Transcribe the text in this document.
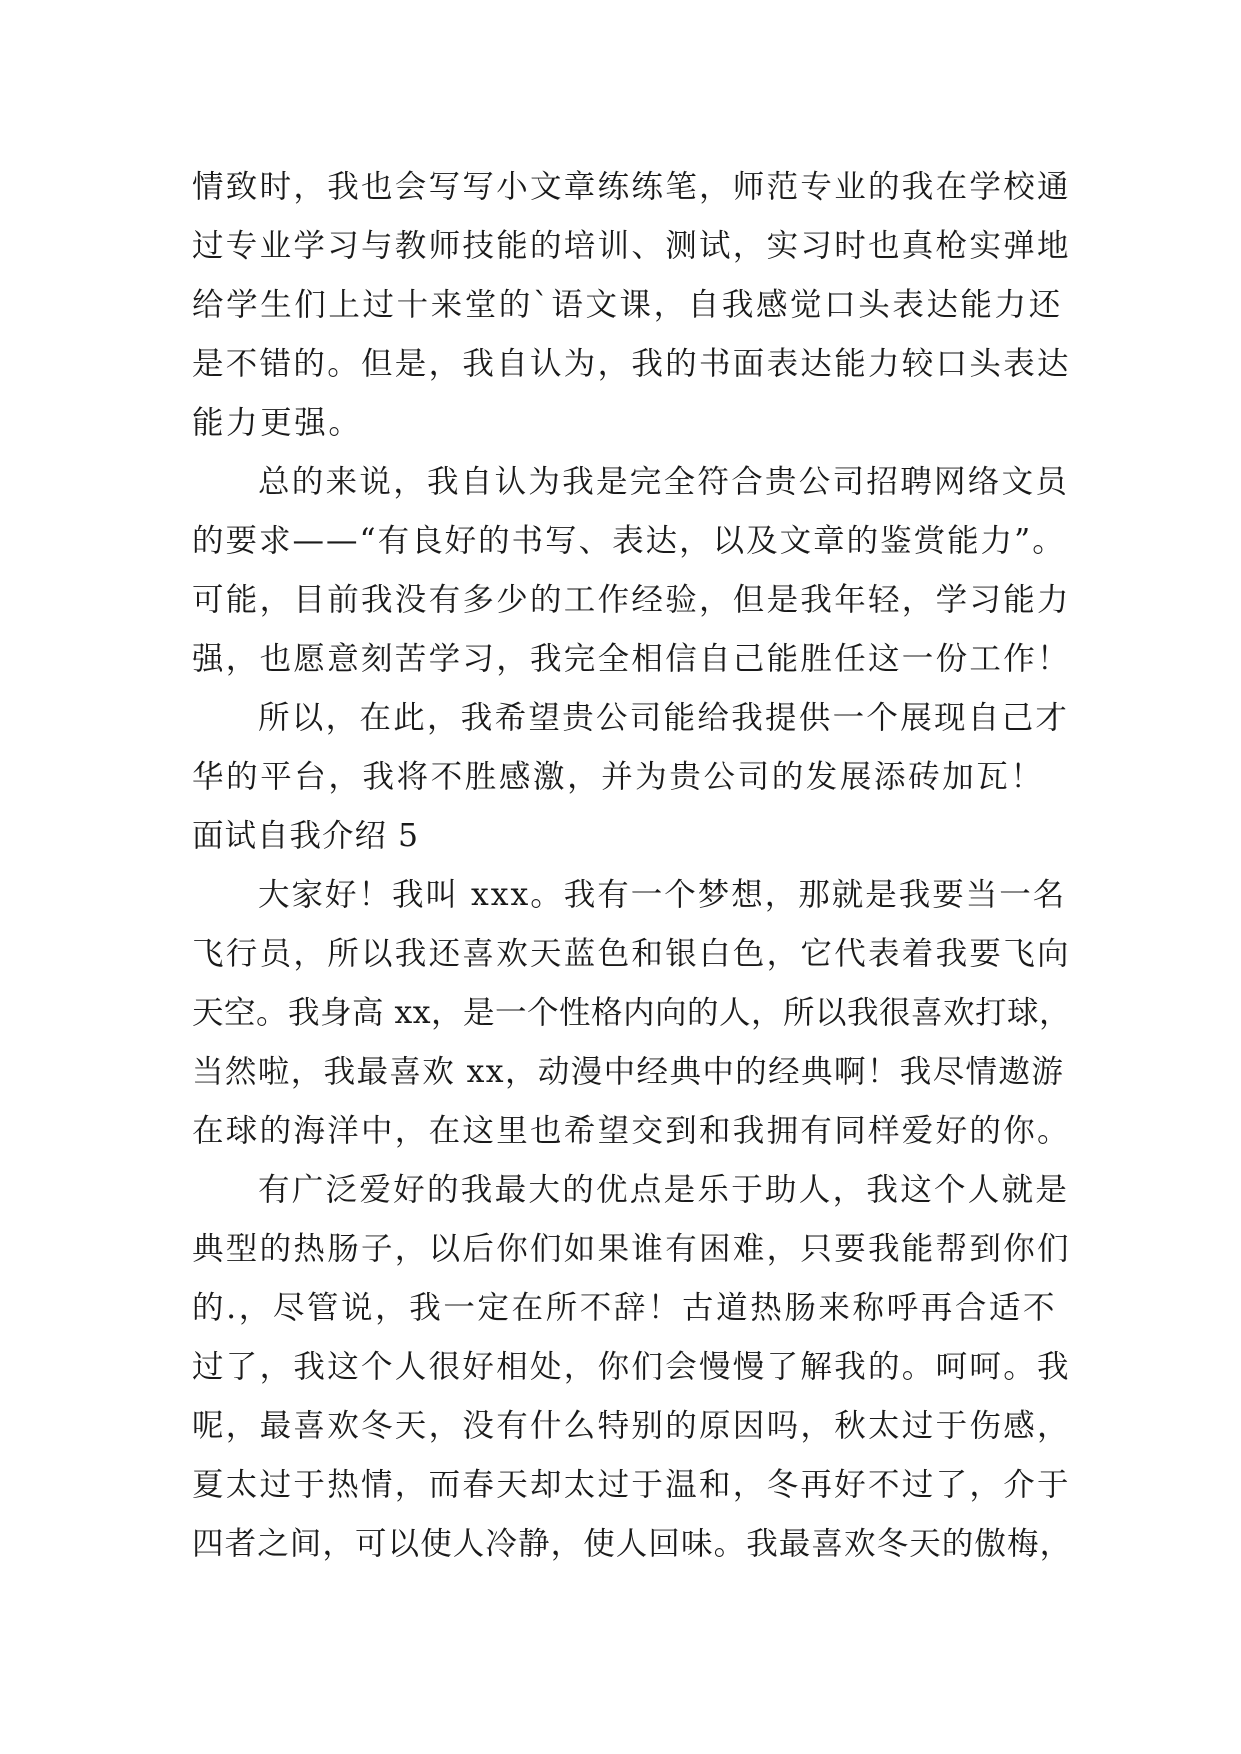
情致时，我也会写写小文章练练笔，师范专业的我在学校通
过专业学习与教师技能的培训、测试，实习时也真枪实弹地
给学生们上过十来堂的`语文课，自我感觉口头表达能力还
是不错的。但是，我自认为，我的书面表达能力较口头表达
能力更强。
总的来说，我自认为我是完全符合贵公司招聘网络文员
的要求——“有良好的书写、表达，以及文章的鉴赏能力”。
可能，目前我没有多少的工作经验，但是我年轻，学习能力
强，也愿意刻苦学习，我完全相信自己能胜任这一份工作！
所以，在此，我希望贵公司能给我提供一个展现自己才
华的平台，我将不胜感激，并为贵公司的发展添砖加瓦！
面试自我介绍 5
大家好！我叫 xxx。我有一个梦想，那就是我要当一名
飞行员，所以我还喜欢天蓝色和银白色，它代表着我要飞向
天空。我身高 xx，是一个性格内向的人，所以我很喜欢打球，
当然啦，我最喜欢 xx，动漫中经典中的经典啊！我尽情遨游
在球的海洋中，在这里也希望交到和我拥有同样爱好的你。
有广泛爱好的我最大的优点是乐于助人，我这个人就是
典型的热肠子，以后你们如果谁有困难，只要我能帮到你们
的.，尽管说，我一定在所不辞！古道热肠来称呼再合适不
过了，我这个人很好相处，你们会慢慢了解我的。呵呵。我
呢，最喜欢冬天，没有什么特别的原因吗，秋太过于伤感，
夏太过于热情，而春天却太过于温和，冬再好不过了，介于
四者之间，可以使人冷静，使人回味。我最喜欢冬天的傲梅，
